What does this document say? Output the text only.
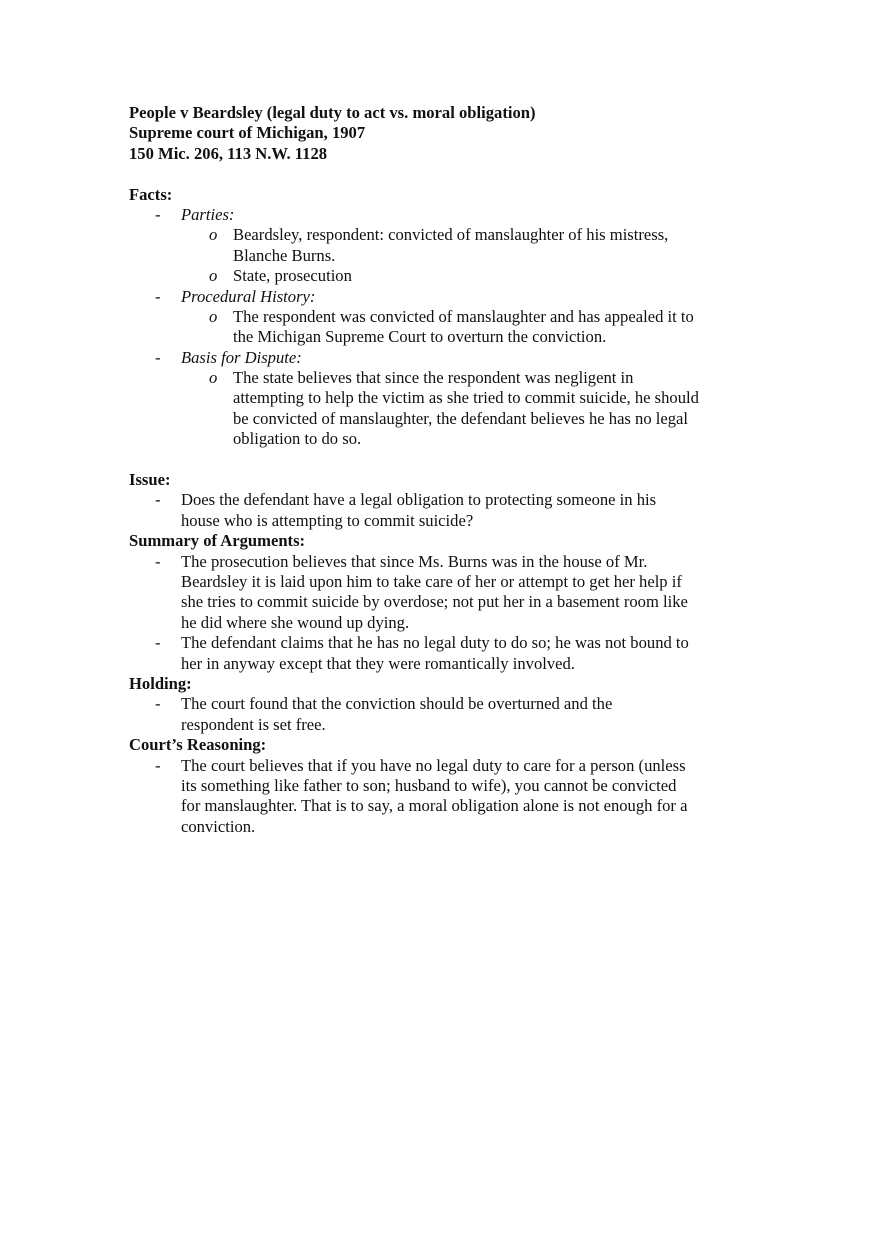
People v Beardsley (legal duty to act vs. moral obligation)
Supreme court of Michigan, 1907
150 Mic. 206, 113 N.W. 1128
Facts:
Parties:
-
Beardsley, respondent: convicted of manslaughter of his mistress,
o
Blanche Burns.
State, prosecution
o
Procedural History:
-
The respondent was convicted of manslaughter and has appealed it to
o
the Michigan Supreme Court to overturn the conviction.
Basis for Dispute:
-
The state believes that since the respondent was negligent in
o
attempting to help the victim as she tried to commit suicide, he should
be convicted of manslaughter, the defendant believes he has no legal
obligation to do so.
Issue:
Does the defendant have a legal obligation to protecting someone in his
-
house who is attempting to commit suicide?
Summary of Arguments:
The prosecution believes that since Ms. Burns was in the house of Mr.
-
Beardsley it is laid upon him to take care of her or attempt to get her help if
she tries to commit suicide by overdose; not put her in a basement room like
he did where she wound up dying.
The defendant claims that he has no legal duty to do so; he was not bound to
-
her in anyway except that they were romantically involved.
Holding:
The court found that the conviction should be overturned and the
-
respondent is set free.
Court’s Reasoning:
The court believes that if you have no legal duty to care for a person (unless
-
its something like father to son; husband to wife), you cannot be convicted
for manslaughter. That is to say, a moral obligation alone is not enough for a
conviction.
